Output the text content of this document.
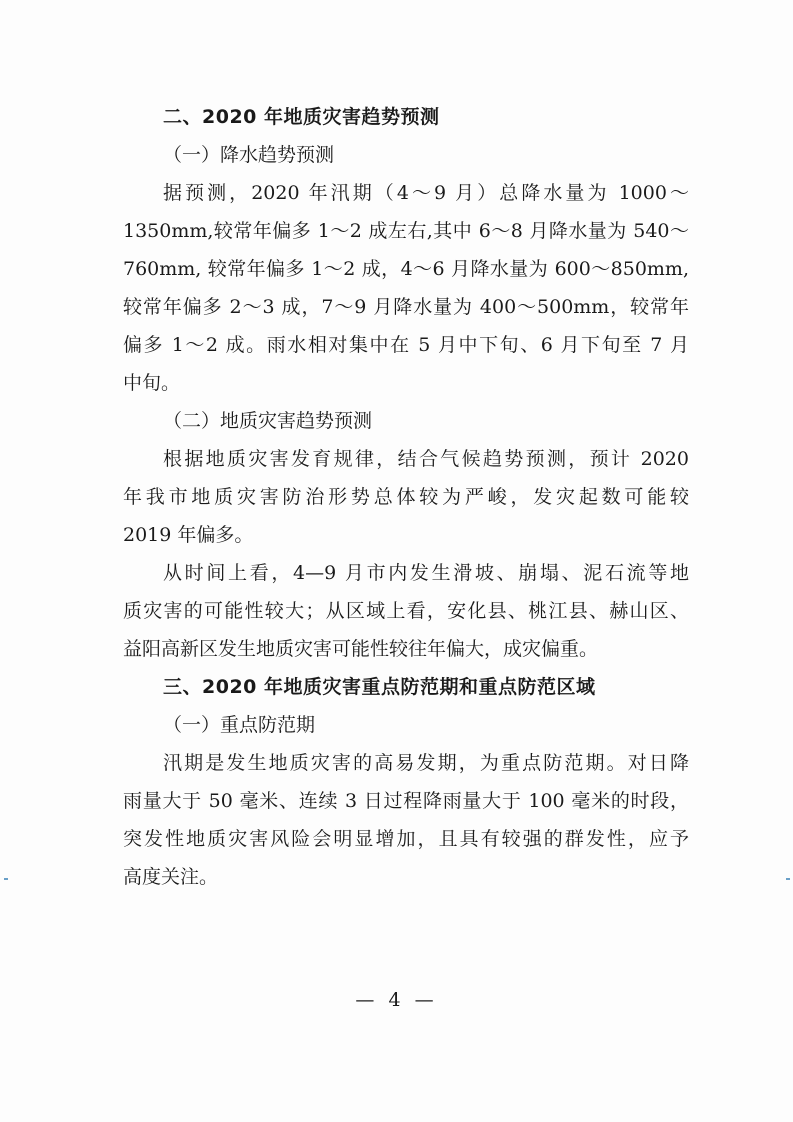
二、2020 年地质灾害趋势预测
（一）降水趋势预测
据预测，2020 年汛期（4～9 月）总降水量为 1000～
1350mm,较常年偏多 1～2 成左右,其中 6～8 月降水量为 540～
760mm, 较常年偏多 1～2 成，4～6 月降水量为 600～850mm,
较常年偏多 2～3 成，7～9 月降水量为 400～500mm，较常年
偏多 1～2 成。雨水相对集中在 5 月中下旬、6 月下旬至 7 月
中旬。
（二）地质灾害趋势预测
根据地质灾害发育规律，结合气候趋势预测，预计 2020
年我市地质灾害防治形势总体较为严峻，发灾起数可能较
2019 年偏多。
从时间上看，4—9 月市内发生滑坡、崩塌、泥石流等地
质灾害的可能性较大；从区域上看，安化县、桃江县、赫山区、
益阳高新区发生地质灾害可能性较往年偏大，成灾偏重。
三、2020 年地质灾害重点防范期和重点防范区域
（一）重点防范期
汛期是发生地质灾害的高易发期，为重点防范期。对日降
雨量大于 50 毫米、连续 3 日过程降雨量大于 100 毫米的时段，
突发性地质灾害风险会明显增加，且具有较强的群发性，应予
高度关注。
— 4 —
